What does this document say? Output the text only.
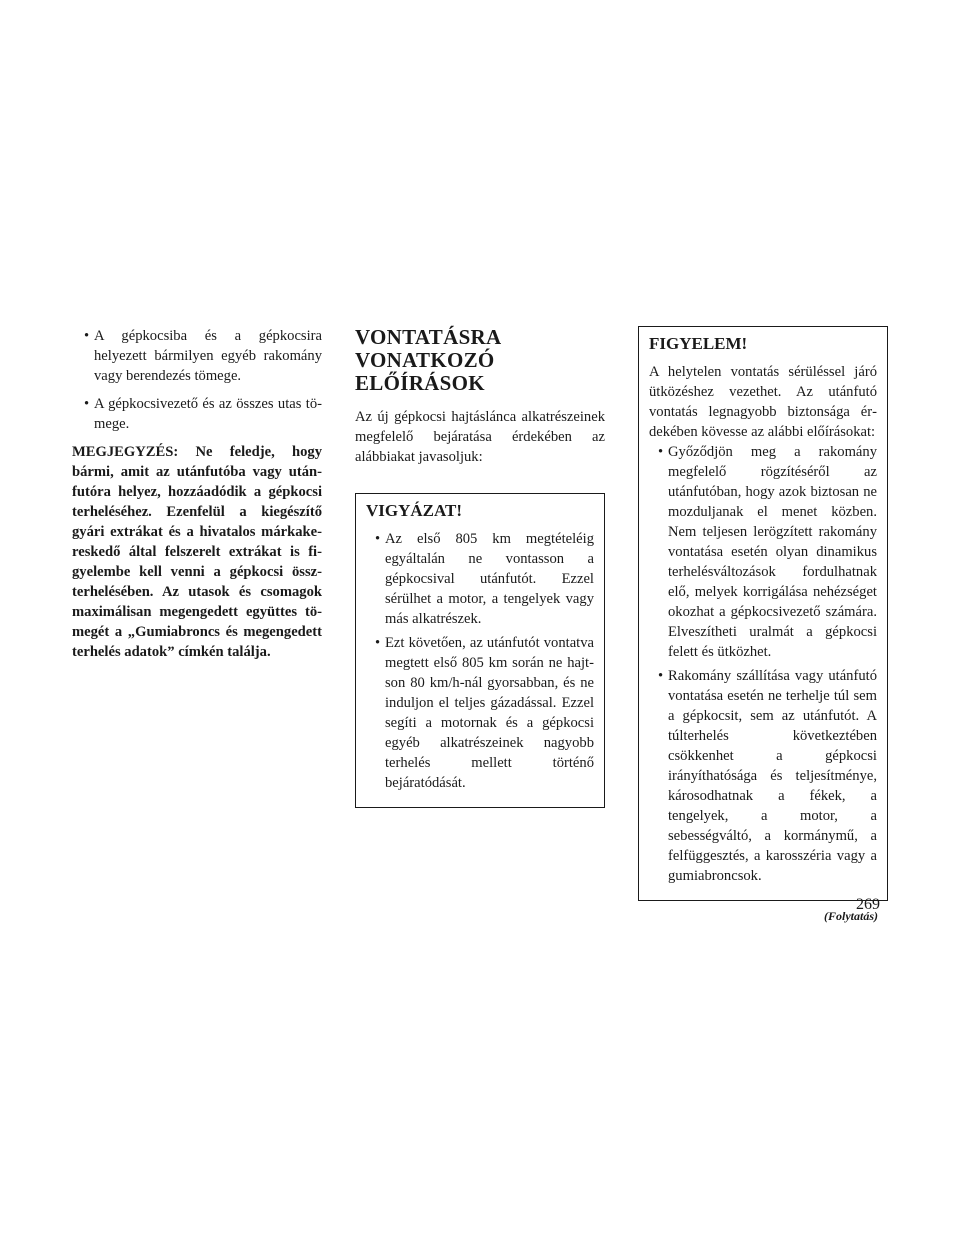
• A gépkocsiba és a gépkocsira helyezett bármilyen egyéb rakomány vagy berendezés tömege.
• A gépkocsivezető és az összes utas tömege.

MEGJEGYZÉS: Ne feledje, hogy bármi, amit az utánfutóba vagy utánfutóra helyez, hozzáadódik a gépkocsi terheléséhez. Ezenfelül a kiegészítő gyári extrákat és a hivatalos márkakereskedő által felszerelt extrákat is figyelembe kell venni a gépkocsi összterhelésében. Az utasok és csomagok maximálisan megengedett együttes tömegét a „Gumiabroncs és megengedett terhelés adatok” címkén találja.

VONTATÁSRA VONATKOZÓ ELŐÍRÁSOK

Az új gépkocsi hajtáslánca alkatrészeinek megfelelő bejáratása érdekében az alábbiakat javasoljuk:

VIGYÁZAT!
• Az első 805 km megtételéig egyáltalán ne vontasson a gépkocsival utánfutót. Ezzel sérülhet a motor, a tengelyek vagy más alkatrészek.
• Ezt követően, az utánfutót vontatva megtett első 805 km során ne hajtson 80 km/h-nál gyorsabban, és ne induljon el teljes gázadással. Ezzel segíti a motornak és a gépkocsi egyéb alkatrészeinek nagyobb terhelés mellett történő bejáratódását.
FIGYELEM!

A helytelen vontatás sérüléssel járó ütközéshez vezethet. Az utánfutó vontatás legnagyobb biztonsága érdekében kövesse az alábbi előírásokat:

• Győződjön meg a rakomány megfelelő rögzítéséről az utánfutóban, hogy azok biztosan ne mozduljanak el menet közben. Nem teljesen lerögzített rakomány vontatása esetén olyan dinamikus terhelésváltozások fordulhatnak elő, melyek korrigálása nehézséget okozhat a gépkocsivezető számára. Elveszítheti uralmát a gépkocsi felett és ütközhet.
• Rakomány szállítása vagy utánfutó vontatása esetén ne terhelje túl sem a gépkocsit, sem az utánfutót. A túlterhelés következtében csökkenhet a gépkocsi irányíthatósága és teljesítménye, károsodhatnak a fékek, a tengelyek, a motor, a sebességváltó, a kormánymű, a felfüggesztés, a karosszéria vagy a gumiabroncsok.
(Folytatás)
269
